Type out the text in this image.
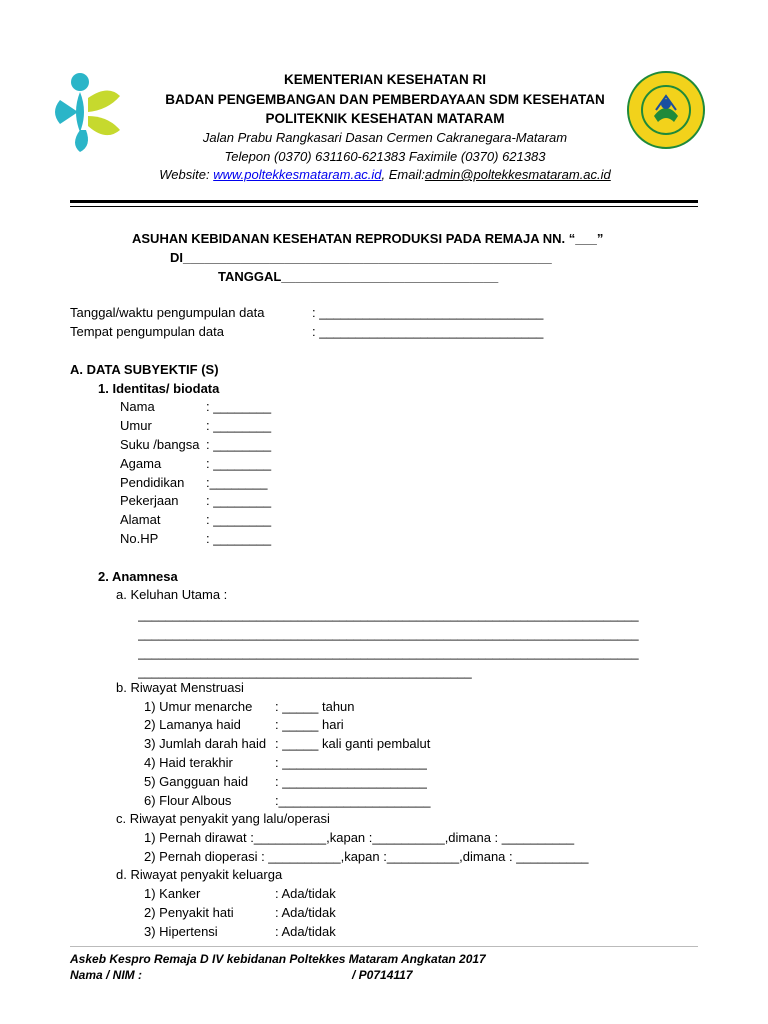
KEMENTERIAN KESEHATAN RI
BADAN PENGEMBANGAN DAN PEMBERDAYAAN SDM KESEHATAN
POLITEKNIK KESEHATAN MATARAM
Jalan Prabu Rangkasari Dasan Cermen Cakranegara-Mataram
Telepon (0370) 631160-621383 Faximile (0370) 621383
Website: www.poltekkesmataram.ac.id, Email:admin@poltekkesmataram.ac.id
ASUHAN KEBIDANAN KESEHATAN REPRODUKSI PADA REMAJA NN. “___”
DI___________________________________________________
TANGGAL______________________________
Tanggal/waktu pengumpulan data	: _______________________________
Tempat pengumpulan data	: _______________________________
A. DATA SUBYEKTIF (S)
1. Identitas/ biodata
Nama	: ________
Umur	: ________
Suku /bangsa : ________
Agama	: ________
Pendidikan :________
Pekerjaan : ________
Alamat	: ________
No.HP	: ________
2. Anamnesa
a. Keluhan Utama :
________________________________________________________________________
________________________________________________________________________
________________________________________________________________________
________________________________________________
b. Riwayat Menstruasi
1) Umur menarche : _____ tahun
2) Lamanya haid	: _____ hari
3) Jumlah darah haid : _____ kali ganti pembalut
4) Haid terakhir	: ____________________
5) Gangguan haid : ____________________
6) Flour Albous	:_____________________
c. Riwayat penyakit yang lalu/operasi
1) Pernah dirawat :__________,kapan :__________,dimana : __________
2) Pernah dioperasi : __________,kapan :__________,dimana : __________
d. Riwayat penyakit keluarga
1) Kanker	: Ada/tidak
2) Penyakit hati	: Ada/tidak
3) Hipertensi	: Ada/tidak
Askeb Kespro Remaja D IV kebidanan Poltekkes Mataram Angkatan 2017
Nama / NIM :	/ P0714117
